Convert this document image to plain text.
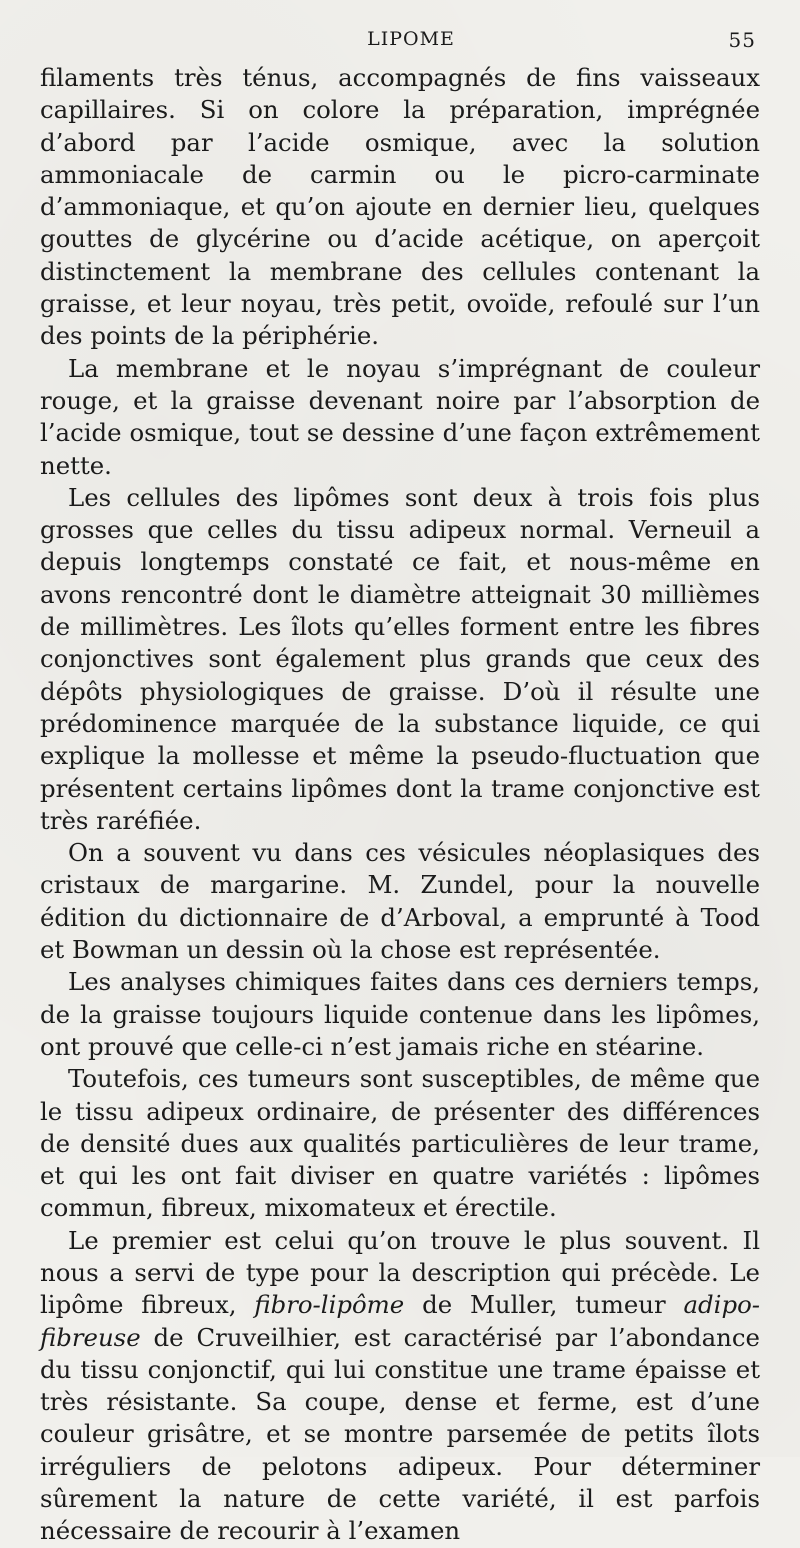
LIPOME	55

filaments très ténus, accompagnés de fins vaisseaux capillaires. Si on colore la préparation, imprégnée d’abord par l’acide osmique, avec la solution ammoniacale de carmin ou le picro-carminate d’ammoniaque, et qu’on ajoute en dernier lieu, quelques gouttes de glycérine ou d’acide acétique, on aperçoit distinctement la membrane des cellules contenant la graisse, et leur noyau, très petit, ovoïde, refoulé sur l’un des points de la périphérie.

La membrane et le noyau s’imprégnant de couleur rouge, et la graisse devenant noire par l’absorption de l’acide osmique, tout se dessine d’une façon extrêmement nette.

Les cellules des lipômes sont deux à trois fois plus grosses que celles du tissu adipeux normal. Verneuil a depuis longtemps constaté ce fait, et nous-même en avons rencontré dont le diamètre atteignait 30 millièmes de millimètres. Les îlots qu’elles forment entre les fibres conjonctives sont également plus grands que ceux des dépôts physiologiques de graisse. D’où il résulte une prédominence marquée de la substance liquide, ce qui explique la mollesse et même la pseudo-fluctuation que présentent certains lipômes dont la trame conjonctive est très raréfiée.

On a souvent vu dans ces vésicules néoplasiques des cristaux de margarine. M. Zundel, pour la nouvelle édition du dictionnaire de d’Arboval, a emprunté à Tood et Bowman un dessin où la chose est représentée.

Les analyses chimiques faites dans ces derniers temps, de la graisse toujours liquide contenue dans les lipômes, ont prouvé que celle-ci n’est jamais riche en stéarine.

Toutefois, ces tumeurs sont susceptibles, de même que le tissu adipeux ordinaire, de présenter des différences de densité dues aux qualités particulières de leur trame, et qui les ont fait diviser en quatre variétés : lipômes commun, fibreux, mixomateux et érectile.

Le premier est celui qu’on trouve le plus souvent. Il nous a servi de type pour la description qui précède. Le lipôme fibreux, fibro-lipôme de Muller, tumeur adipo-fibreuse de Cruveilhier, est caractérisé par l’abondance du tissu conjonctif, qui lui constitue une trame épaisse et très résistante. Sa coupe, dense et ferme, est d’une couleur grisâtre, et se montre parsemée de petits îlots irréguliers de pelotons adipeux. Pour déterminer sûrement la nature de cette variété, il est parfois nécessaire de recourir à l’examen
